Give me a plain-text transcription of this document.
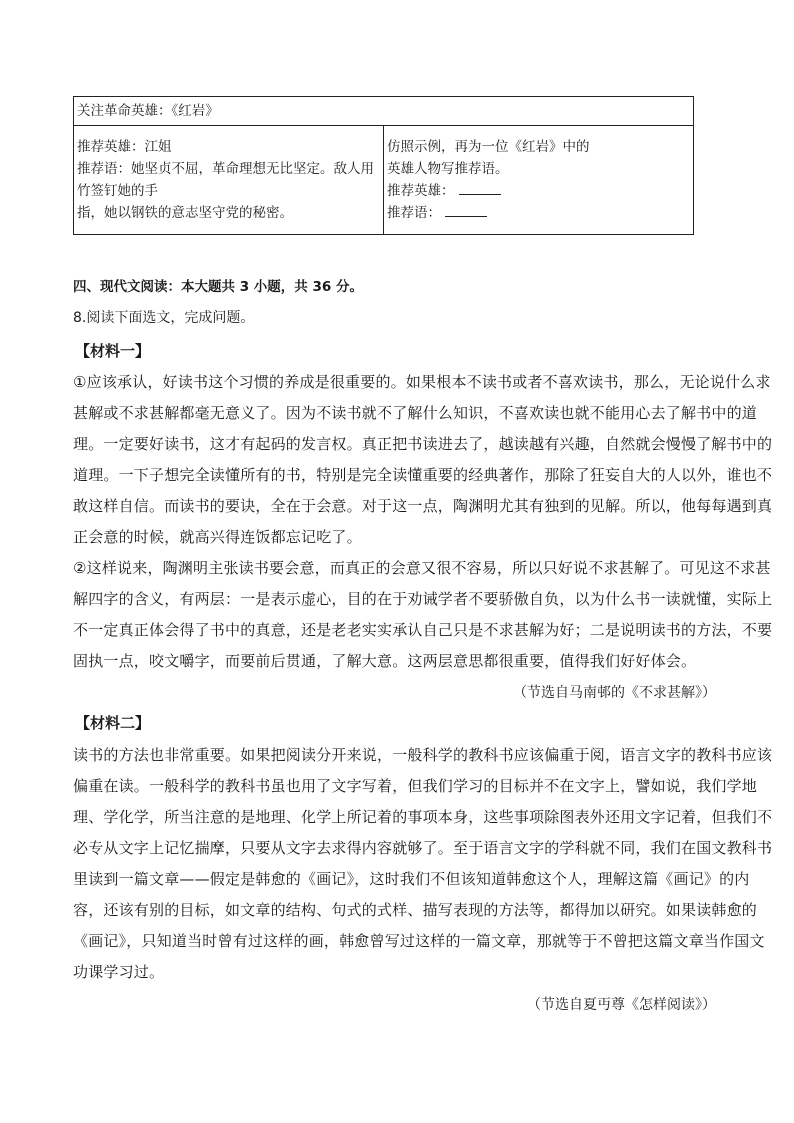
关注革命英雄：《红岩》

推荐英雄：江姐
推荐语：她坚贞不屈，革命理想无比坚定。敌人用竹签钉她的手
指，她以钢铁的意志坚守党的秘密。

仿照示例，再为一位《红岩》中的
英雄人物写推荐语。
推荐英雄：
推荐语：
四、现代文阅读：本大题共 3 小题，共 36 分。
8.阅读下面选文，完成问题。
【材料一】
①应该承认，好读书这个习惯的养成是很重要的。如果根本不读书或者不喜欢读书，那么，无论说什么求
甚解或不求甚解都毫无意义了。因为不读书就不了解什么知识，不喜欢读也就不能用心去了解书中的道
理。一定要好读书，这才有起码的发言权。真正把书读进去了，越读越有兴趣，自然就会慢慢了解书中的
道理。一下子想完全读懂所有的书，特别是完全读懂重要的经典著作，那除了狂妄自大的人以外，谁也不
敢这样自信。而读书的要诀，全在于会意。对于这一点，陶渊明尤其有独到的见解。所以，他每每遇到真
正会意的时候，就高兴得连饭都忘记吃了。
②这样说来，陶渊明主张读书要会意，而真正的会意又很不容易，所以只好说不求甚解了。可见这不求甚
解四字的含义，有两层：一是表示虚心，目的在于劝诫学者不要骄傲自负，以为什么书一读就懂，实际上
不一定真正体会得了书中的真意，还是老老实实承认自己只是不求甚解为好；二是说明读书的方法，不要
固执一点，咬文嚼字，而要前后贯通，了解大意。这两层意思都很重要，值得我们好好体会。
（节选自马南邨的《不求甚解》）
【材料二】
读书的方法也非常重要。如果把阅读分开来说，一般科学的教科书应该偏重于阅，语言文字的教科书应该
偏重在读。一般科学的教科书虽也用了文字写着，但我们学习的目标并不在文字上，譬如说，我们学地
理、学化学，所当注意的是地理、化学上所记着的事项本身，这些事项除图表外还用文字记着，但我们不
必专从文字上记忆揣摩，只要从文字去求得内容就够了。至于语言文字的学科就不同，我们在国文教科书
里读到一篇文章——假定是韩愈的《画记》，这时我们不但该知道韩愈这个人，理解这篇《画记》的内
容，还该有别的目标，如文章的结构、句式的式样、描写表现的方法等，都得加以研究。如果读韩愈的
《画记》，只知道当时曾有过这样的画，韩愈曾写过这样的一篇文章，那就等于不曾把这篇文章当作国文
功课学习过。
（节选自夏丏尊《怎样阅读》）
